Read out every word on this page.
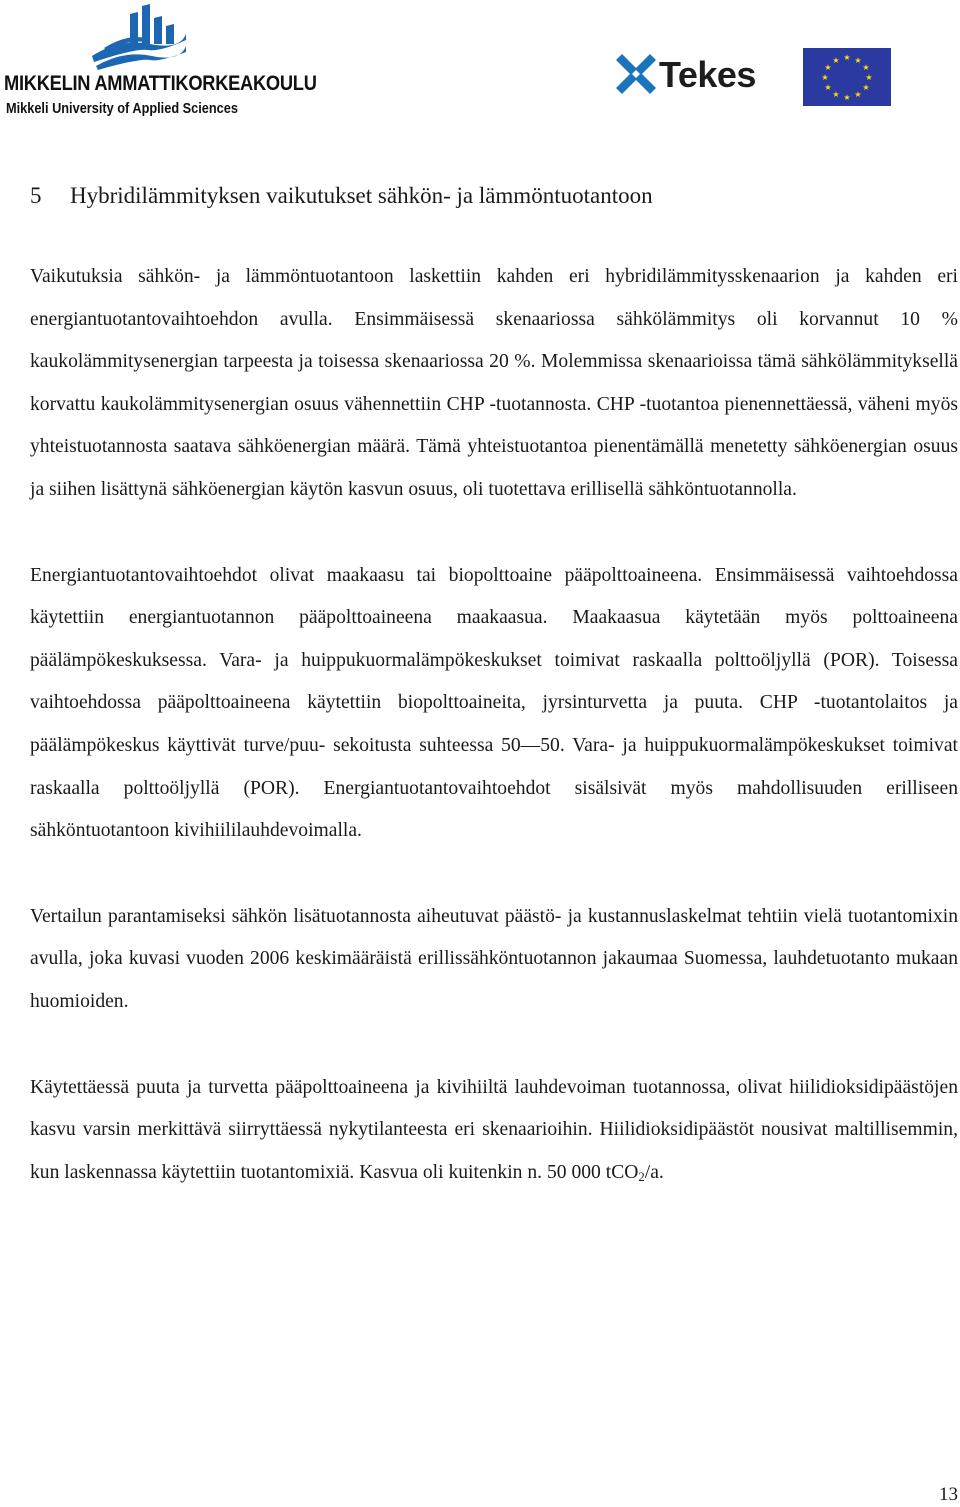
MIKKELIN AMMATTIKORKEAKOULU
Mikkeli University of Applied Sciences
Tekes	★ ★
★
★
★
★
★
★
★
★
★
★
5 Hybridilämmityksen vaikutukset sähkön- ja lämmöntuotantoon

Vaikutuksia sähkön- ja lämmöntuotantoon laskettiin kahden eri hybridilämmitysskenaarion ja kahden eri energiantuotantovaihtoehdon avulla. Ensimmäisessä skenaariossa sähkölämmitys oli korvannut 10 % kaukolämmitysenergian tarpeesta ja toisessa skenaariossa 20 %. Molemmissa skenaarioissa tämä sähkölämmityksellä korvattu kaukolämmitysenergian osuus vähennettiin CHP -tuotannosta. CHP -tuotantoa pienennettäessä, väheni myös yhteistuotannosta saatava sähköenergian määrä. Tämä yhteistuotantoa pienentämällä menetetty sähköenergian osuus ja siihen lisättynä sähköenergian käytön kasvun osuus, oli tuotettava erillisellä sähköntuotannolla.

Energiantuotantovaihtoehdot olivat maakaasu tai biopolttoaine pääpolttoaineena. Ensimmäisessä vaihtoehdossa käytettiin energiantuotannon pääpolttoaineena maakaasua. Maakaasua käytetään myös polttoaineena päälämpökeskuksessa. Vara- ja huippukuormalämpökeskukset toimivat raskaalla polttoöljyllä (POR). Toisessa vaihtoehdossa pääpolttoaineena käytettiin biopolttoaineita, jyrsinturvetta ja puuta. CHP -tuotantolaitos ja päälämpökeskus käyttivät turve/puu- sekoitusta suhteessa 50—50. Vara- ja huippukuormalämpökeskukset toimivat raskaalla polttoöljyllä (POR). Energiantuotantovaihtoehdot sisälsivät myös mahdollisuuden erilliseen sähköntuotantoon kivihiililauhdevoimalla.

Vertailun parantamiseksi sähkön lisätuotannosta aiheutuvat päästö- ja kustannuslaskelmat tehtiin vielä tuotantomixin avulla, joka kuvasi vuoden 2006 keskimääräistä erillissähköntuotannon jakaumaa Suomessa, lauhdetuotanto mukaan huomioiden.

Käytettäessä puuta ja turvetta pääpolttoaineena ja kivihiiltä lauhdevoiman tuotannossa, olivat hiilidioksidipäästöjen kasvu varsin merkittävä siirryttäessä nykytilanteesta eri skenaarioihin. Hiilidioksidipäästöt nousivat maltillisemmin, kun laskennassa käytettiin tuotantomixiä. Kasvua oli kuitenkin n. 50 000 tCO$_2$/a.

13
